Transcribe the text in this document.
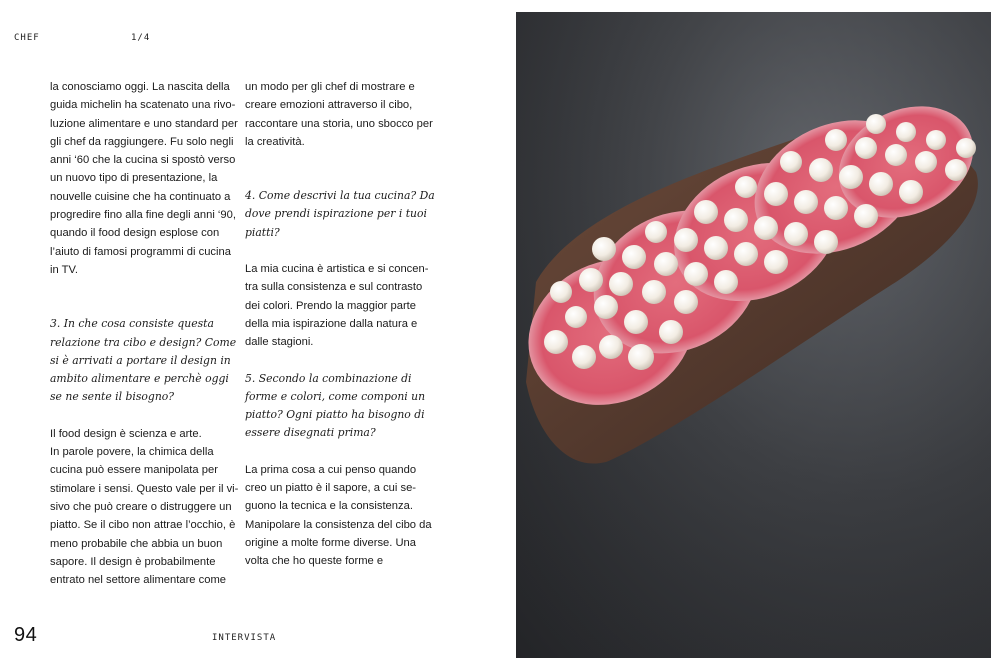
CHEF	1/4

la conosciamo oggi. La nascita della guida michelin ha scatenato una rivo-luzione alimentare e uno standard per gli chef da raggiungere. Fu solo negli anni ‘60 che la cucina si spostò verso un nuovo tipo di presentazione, la nouvelle cuisine che ha continuato a progredire fino alla fine degli anni ‘90, quando il food design esplose con l’aiuto di famosi programmi di cucina in TV.

3. In che cosa consiste questa relazione tra cibo e design? Come si è arrivati a portare il design in ambito alimentare e perchè oggi se ne sente il bisogno?

Il food design è scienza e arte.

In parole povere, la chimica della cucina può essere manipolata per stimolare i sensi. Questo vale per il vi-sivo che può creare o distruggere un piatto. Se il cibo non attrae l’occhio, è meno probabile che abbia un buon sapore. Il design è probabilmente entrato nel settore alimentare come

un modo per gli chef di mostrare e creare emozioni attraverso il cibo, raccontare una storia, uno sbocco per la creatività.

4. Come descrivi la tua cucina? Da dove prendi ispirazione per i tuoi piatti?

La mia cucina è artistica e si concen-tra sulla consistenza e sul contrasto dei colori. Prendo la maggior parte della mia ispirazione dalla natura e dalle stagioni.

5. Secondo la combinazione di forme e colori, come componi un piatto? Ogni piatto ha bisogno di essere disegnati prima?

La prima cosa a cui penso quando creo un piatto è il sapore, a cui se-guono la tecnica e la consistenza. Manipolare la consistenza del cibo da origine a molte forme diverse. Una volta che ho queste forme e

94	INTERVISTA
